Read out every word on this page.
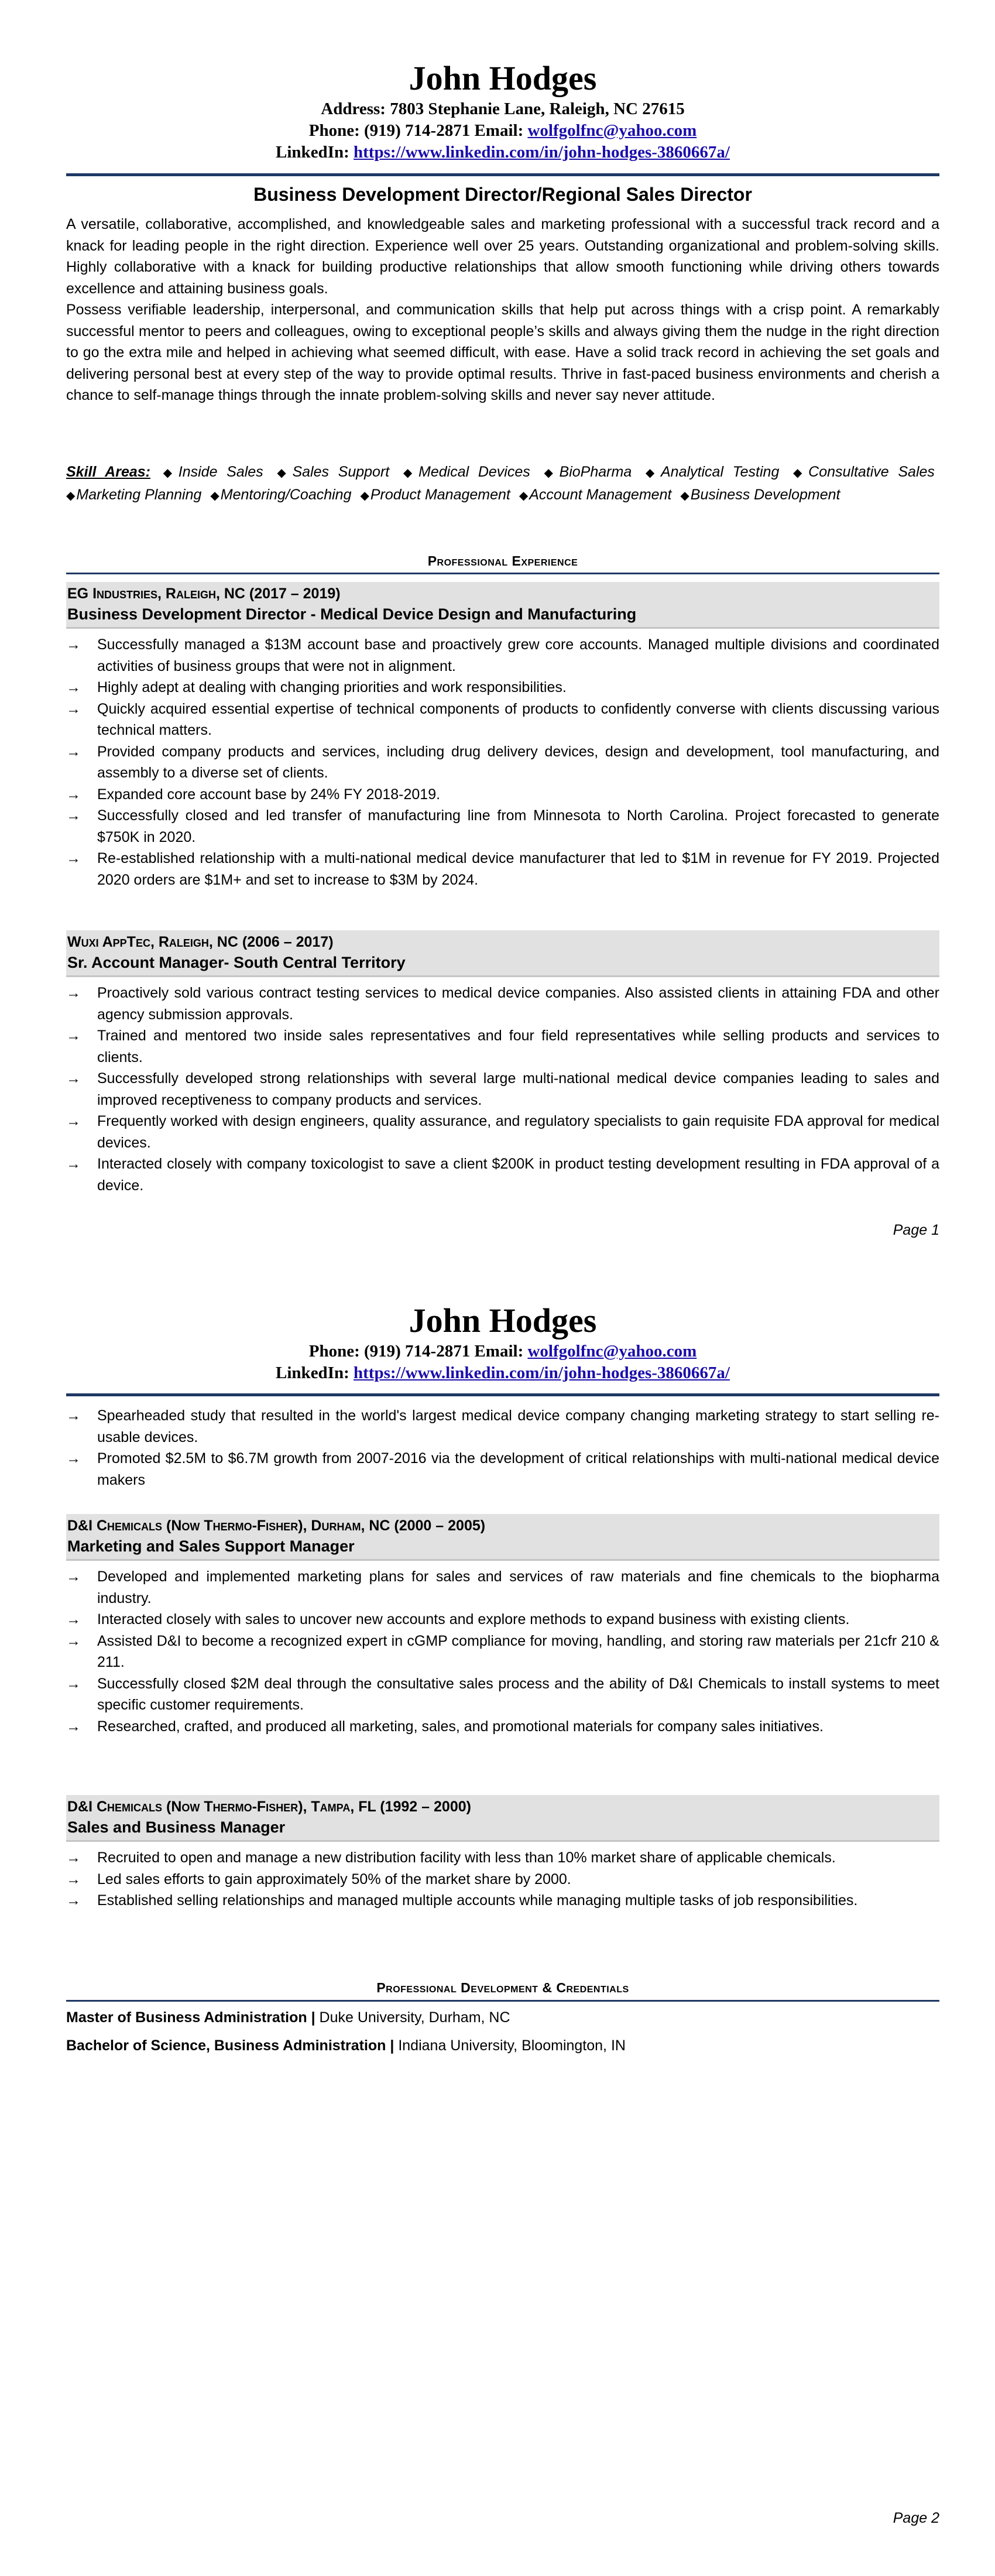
John Hodges
Address: 7803 Stephanie Lane, Raleigh, NC 27615
Phone: (919) 714-2871 Email: wolfgolfnc@yahoo.com
LinkedIn: https://www.linkedin.com/in/john-hodges-3860667a/
Business Development Director/Regional Sales Director
A versatile, collaborative, accomplished, and knowledgeable sales and marketing professional with a successful track record and a knack for leading people in the right direction. Experience well over 25 years. Outstanding organizational and problem-solving skills. Highly collaborative with a knack for building productive relationships that allow smooth functioning while driving others towards excellence and attaining business goals.
Possess verifiable leadership, interpersonal, and communication skills that help put across things with a crisp point. A remarkably successful mentor to peers and colleagues, owing to exceptional people’s skills and always giving them the nudge in the right direction to go the extra mile and helped in achieving what seemed difficult, with ease. Have a solid track record in achieving the set goals and delivering personal best at every step of the way to provide optimal results. Thrive in fast-paced business environments and cherish a chance to self-manage things through the innate problem-solving skills and never say never attitude.
Skill Areas: ◆Inside Sales ◆Sales Support ◆Medical Devices ◆BioPharma ◆Analytical Testing ◆Consultative Sales ◆Marketing Planning ◆Mentoring/Coaching ◆Product Management ◆Account Management ◆Business Development
Professional Experience
EG Industries, Raleigh, NC (2017 – 2019)
Business Development Director - Medical Device Design and Manufacturing
→ Successfully managed a $13M account base and proactively grew core accounts. Managed multiple divisions and coordinated activities of business groups that were not in alignment.
→ Highly adept at dealing with changing priorities and work responsibilities.
→ Quickly acquired essential expertise of technical components of products to confidently converse with clients discussing various technical matters.
→ Provided company products and services, including drug delivery devices, design and development, tool manufacturing, and assembly to a diverse set of clients.
→ Expanded core account base by 24% FY 2018-2019.
→ Successfully closed and led transfer of manufacturing line from Minnesota to North Carolina. Project forecasted to generate $750K in 2020.
→ Re-established relationship with a multi-national medical device manufacturer that led to $1M in revenue for FY 2019. Projected 2020 orders are $1M+ and set to increase to $3M by 2024.
Wuxi AppTec, Raleigh, NC (2006 – 2017)
Sr. Account Manager- South Central Territory
→ Proactively sold various contract testing services to medical device companies. Also assisted clients in attaining FDA and other agency submission approvals.
→ Trained and mentored two inside sales representatives and four field representatives while selling products and services to clients.
→ Successfully developed strong relationships with several large multi-national medical device companies leading to sales and improved receptiveness to company products and services.
→ Frequently worked with design engineers, quality assurance, and regulatory specialists to gain requisite FDA approval for medical devices.
→ Interacted closely with company toxicologist to save a client $200K in product testing development resulting in FDA approval of a device.
Page 1
John Hodges
Phone: (919) 714-2871 Email: wolfgolfnc@yahoo.com
LinkedIn: https://www.linkedin.com/in/john-hodges-3860667a/
→ Spearheaded study that resulted in the world's largest medical device company changing marketing strategy to start selling re-usable devices.
→ Promoted $2.5M to $6.7M growth from 2007-2016 via the development of critical relationships with multi-national medical device makers
D&I Chemicals (Now Thermo-Fisher), Durham, NC (2000 – 2005)
Marketing and Sales Support Manager
→ Developed and implemented marketing plans for sales and services of raw materials and fine chemicals to the biopharma industry.
→ Interacted closely with sales to uncover new accounts and explore methods to expand business with existing clients.
→ Assisted D&I to become a recognized expert in cGMP compliance for moving, handling, and storing raw materials per 21cfr 210 & 211.
→ Successfully closed $2M deal through the consultative sales process and the ability of D&I Chemicals to install systems to meet specific customer requirements.
→ Researched, crafted, and produced all marketing, sales, and promotional materials for company sales initiatives.
D&I Chemicals (Now Thermo-Fisher), Tampa, FL (1992 – 2000)
Sales and Business Manager
→ Recruited to open and manage a new distribution facility with less than 10% market share of applicable chemicals.
→ Led sales efforts to gain approximately 50% of the market share by 2000.
→ Established selling relationships and managed multiple accounts while managing multiple tasks of job responsibilities.
Professional Development & Credentials
Master of Business Administration | Duke University, Durham, NC
Bachelor of Science, Business Administration | Indiana University, Bloomington, IN
Page 2
